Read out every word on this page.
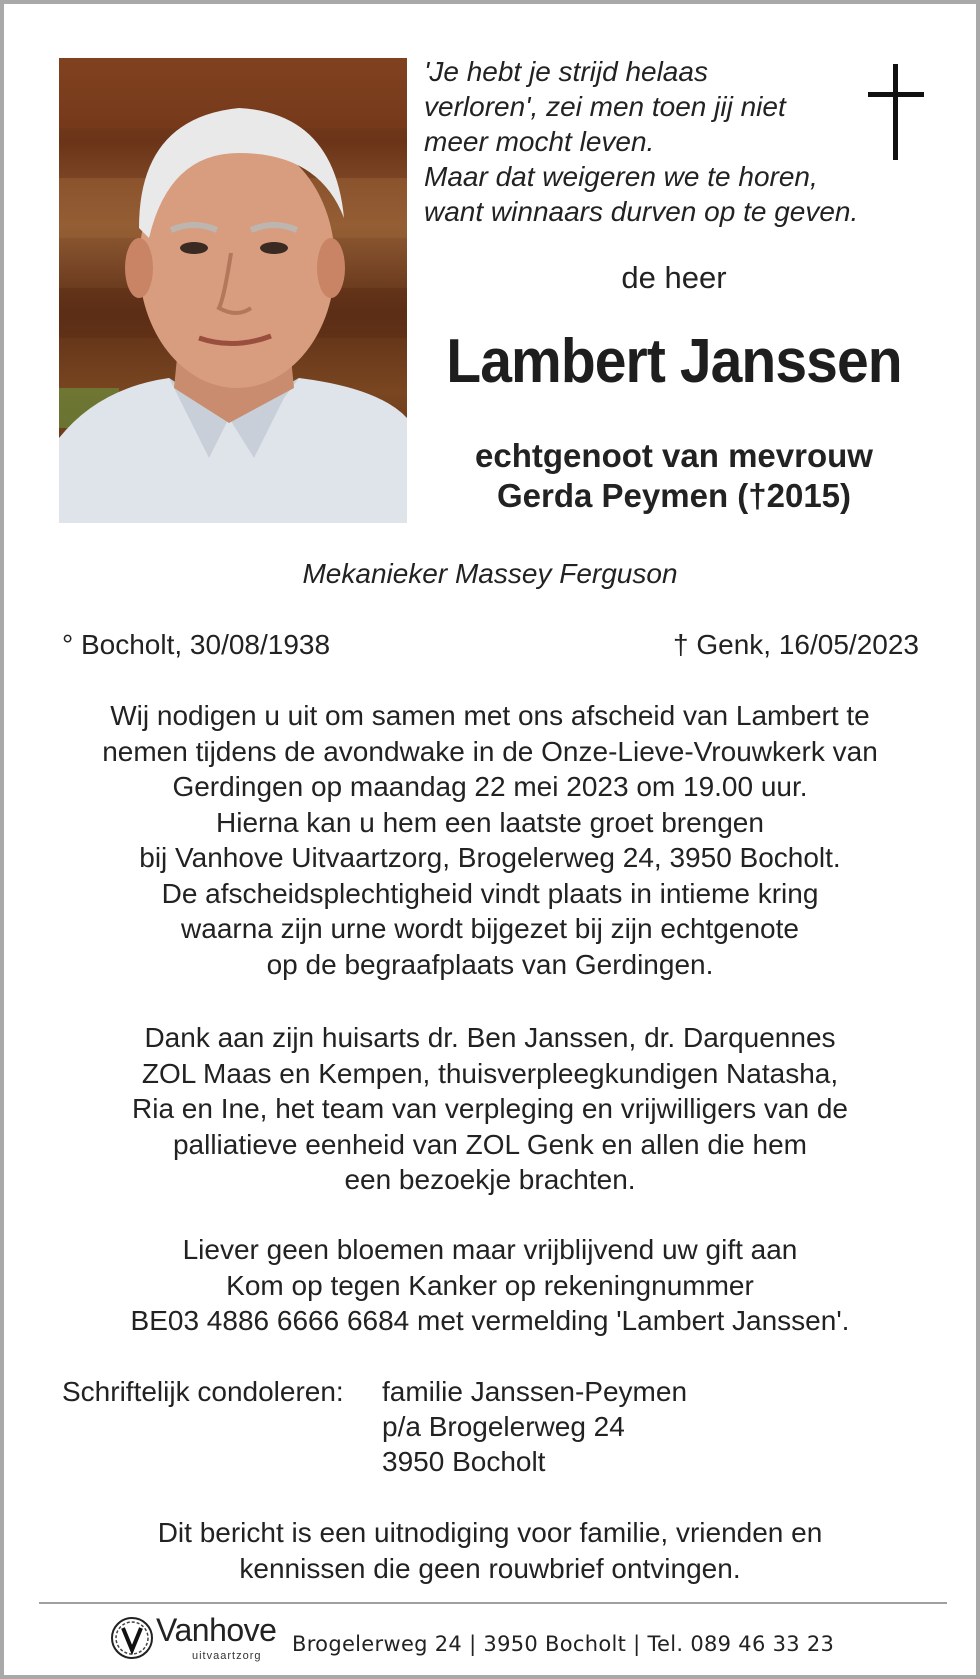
'Je hebt je strijd helaas
verloren', zei men toen jij niet
meer mocht leven.
Maar dat weigeren we te horen,
want winnaars durven op te geven.
de heer
Lambert Janssen
echtgenoot van mevrouw
Gerda Peymen (†2015)
Mekanieker Massey Ferguson
° Bocholt, 30/08/1938	† Genk, 16/05/2023
Wij nodigen u uit om samen met ons afscheid van Lambert te
nemen tijdens de avondwake in de Onze-Lieve-Vrouwkerk van
Gerdingen op maandag 22 mei 2023 om 19.00 uur.
Hierna kan u hem een laatste groet brengen
bij Vanhove Uitvaartzorg, Brogelerweg 24, 3950 Bocholt.
De afscheidsplechtigheid vindt plaats in intieme kring
waarna zijn urne wordt bijgezet bij zijn echtgenote
op de begraafplaats van Gerdingen.
Dank aan zijn huisarts dr. Ben Janssen, dr. Darquennes
ZOL Maas en Kempen, thuisverpleegkundigen Natasha,
Ria en Ine, het team van verpleging en vrijwilligers van de
palliatieve eenheid van ZOL Genk en allen die hem
een bezoekje brachten.
Liever geen bloemen maar vrijblijvend uw gift aan
Kom op tegen Kanker op rekeningnummer
BE03 4886 6666 6684 met vermelding 'Lambert Janssen'.
Schriftelijk condoleren: familie Janssen-Peymen
p/a Brogelerweg 24
3950 Bocholt
Dit bericht is een uitnodiging voor familie, vrienden en
kennissen die geen rouwbrief ontvingen.
Vanhove
uitvaartzorg Brogelerweg 24 | 3950 Bocholt | Tel. 089 46 33 23
